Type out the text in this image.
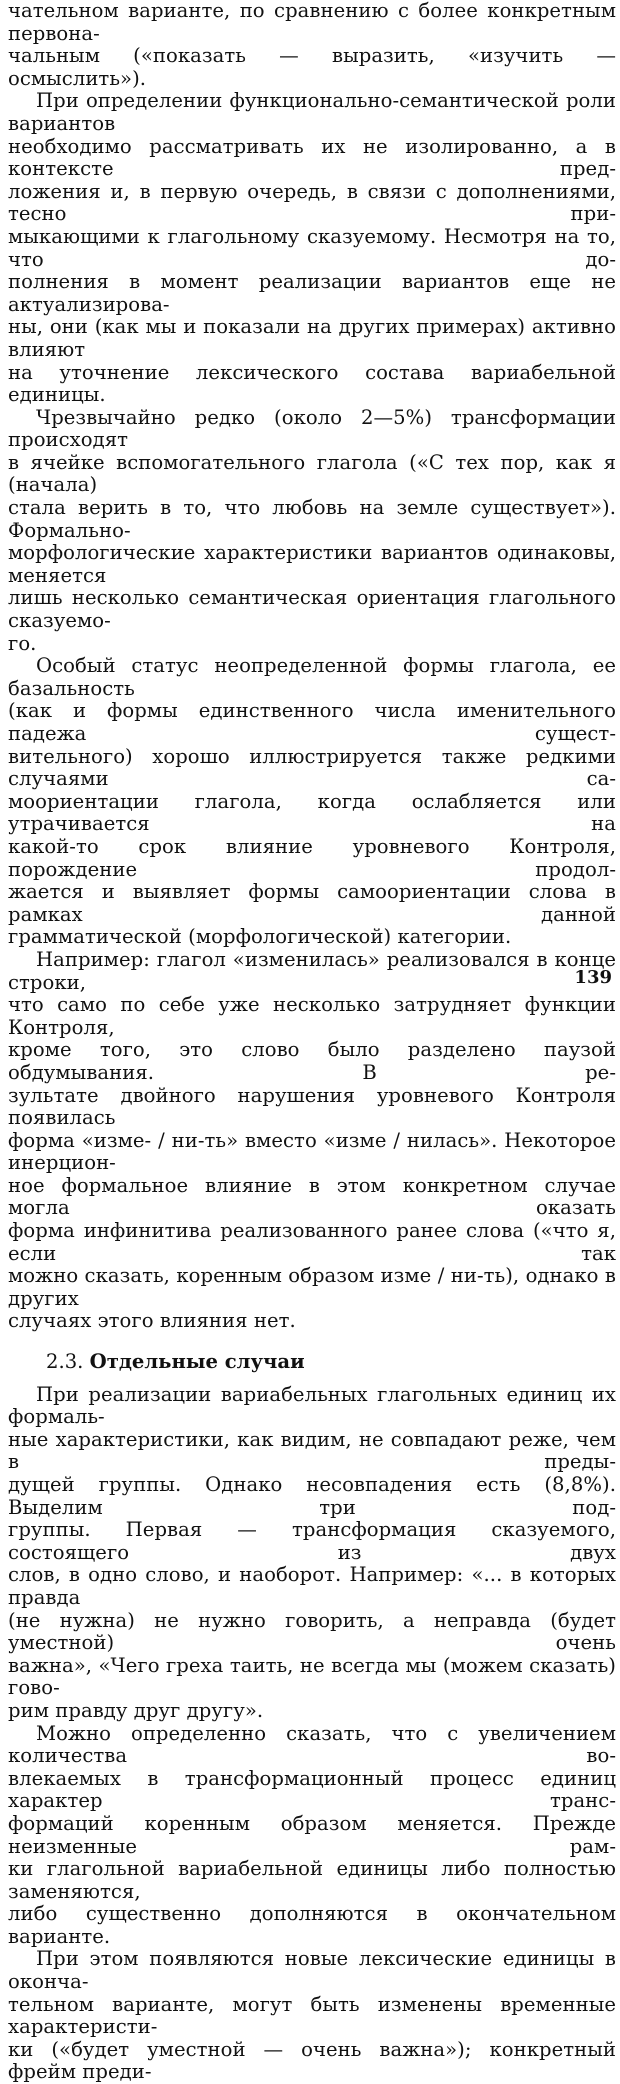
чательном варианте, по сравнению с более конкретным первона-
чальным («показать — выразить, «изучить — осмыслить»).
При определении функционально-семантической роли вариантов
необходимо рассматривать их не изолированно, а в контексте пред-
ложения и, в первую очередь, в связи с дополнениями, тесно при-
мыкающими к глагольному сказуемому. Несмотря на то, что до-
полнения в момент реализации вариантов еще не актуализирова-
ны, они (как мы и показали на других примерах) активно влияют
на уточнение лексического состава вариабельной единицы.
Чрезвычайно редко (около 2—5%) трансформации происходят
в ячейке вспомогательного глагола («С тех пор, как я (начала)
стала верить в то, что любовь на земле существует»). Формально-
морфологические характеристики вариантов одинаковы, меняется
лишь несколько семантическая ориентация глагольного сказуемо-
го.
Особый статус неопределенной формы глагола, ее базальность
(как и формы единственного числа именительного падежа сущест-
вительного) хорошо иллюстрируется также редкими случаями са-
моориентации глагола, когда ослабляется или утрачивается на
какой-то срок влияние уровневого Контроля, порождение продол-
жается и выявляет формы самоориентации слова в рамках данной
грамматической (морфологической) категории.
Например: глагол «изменилась» реализовался в конце строки,
что само по себе уже несколько затрудняет функции Контроля,
кроме того, это слово было разделено паузой обдумывания. В ре-
зультате двойного нарушения уровневого Контроля появилась
форма «изме- / ни-ть» вместо «изме / нилась». Некоторое инерцион-
ное формальное влияние в этом конкретном случае могла оказать
форма инфинитива реализованного ранее слова («что я, если так
можно сказать, коренным образом изме / ни-ть), однако в других
случаях этого влияния нет.
2.3. Отдельные случаи
При реализации вариабельных глагольных единиц их формаль-
ные характеристики, как видим, не совпадают реже, чем в преды-
дущей группы. Однако несовпадения есть (8,8%). Выделим три под-
группы. Первая — трансформация сказуемого, состоящего из двух
слов, в одно слово, и наоборот. Например: «... в которых правда
(не нужна) не нужно говорить, а неправда (будет уместной) очень
важна», «Чего греха таить, не всегда мы (можем сказать) гово-
рим правду друг другу».
Можно определенно сказать, что с увеличением количества во-
влекаемых в трансформационный процесс единиц характер транс-
формаций коренным образом меняется. Прежде неизменные рам-
ки глагольной вариабельной единицы либо полностью заменяются,
либо существенно дополняются в окончательном варианте.
При этом появляются новые лексические единицы в оконча-
тельном варианте, могут быть изменены временные характеристи-
ки («будет уместной — очень важна»); конкретный фрейм преди-
139
